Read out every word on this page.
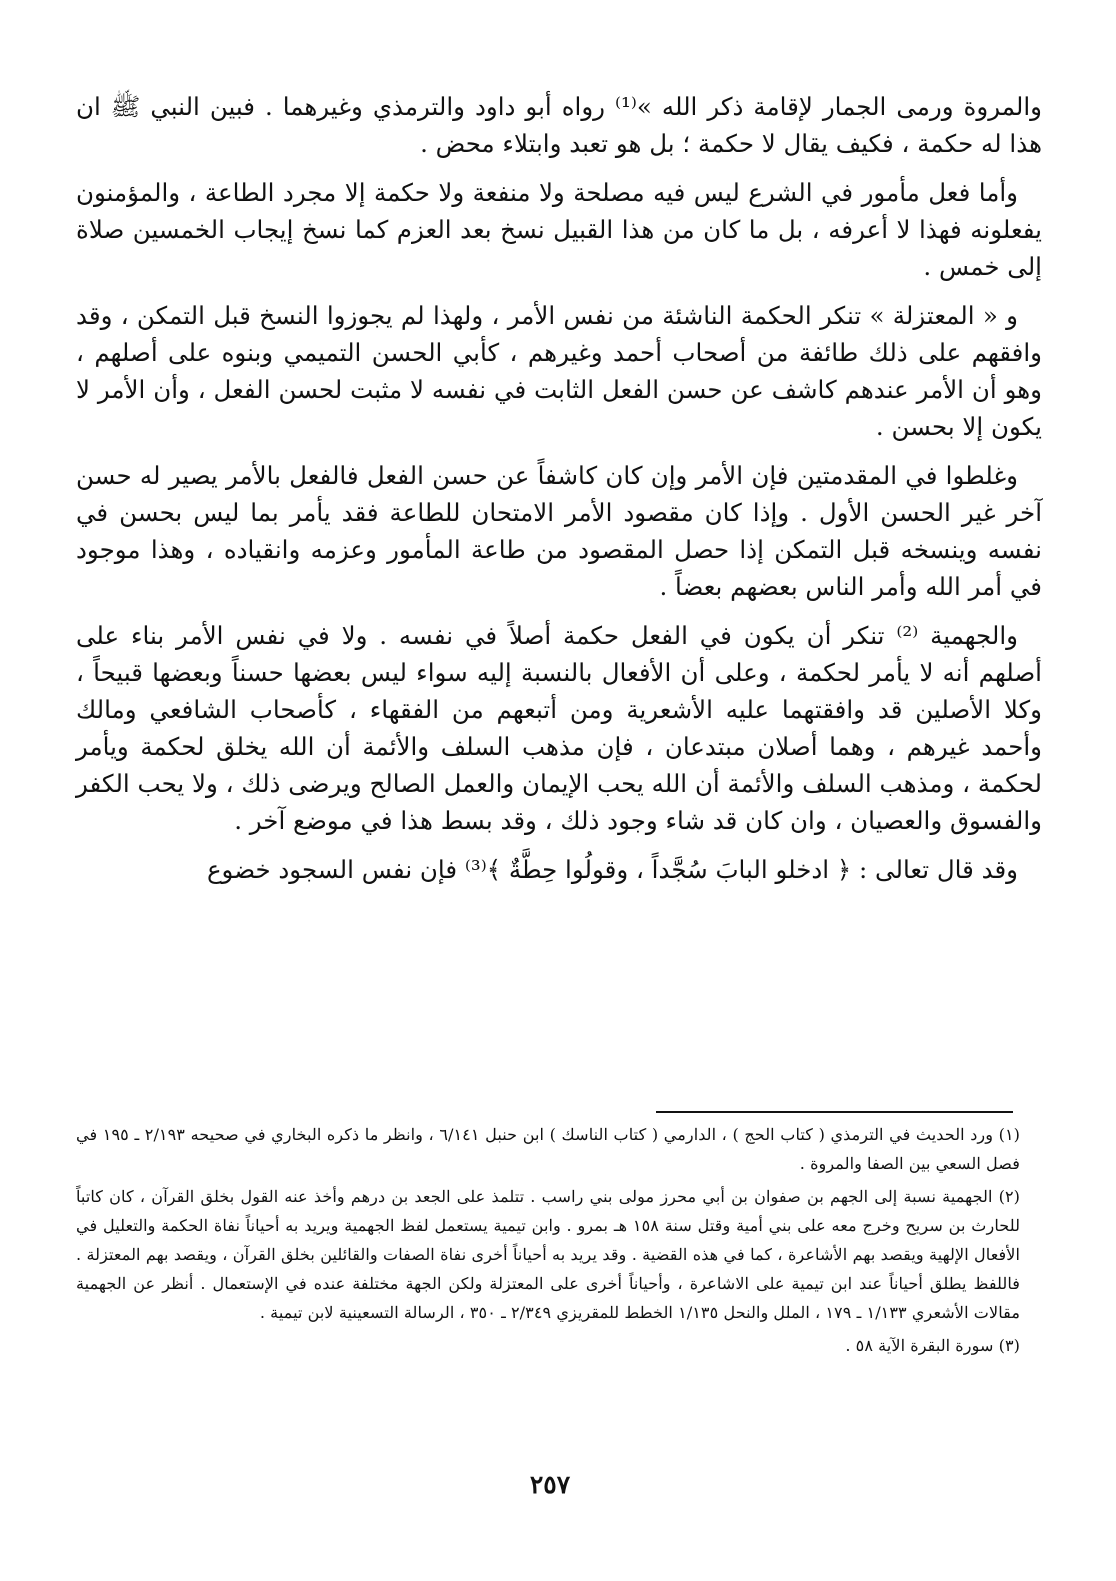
والمروة ورمى الجمار لإقامة ذكر الله »⁽¹⁾ رواه أبو داود والترمذي وغيرهما . فبين النبي ﷺ ان هذا له حكمة ، فكيف يقال لا حكمة ؛ بل هو تعبد وابتلاء محض .

وأما فعل مأمور في الشرع ليس فيه مصلحة ولا منفعة ولا حكمة إلا مجرد الطاعة ، والمؤمنون يفعلونه فهذا لا أعرفه ، بل ما كان من هذا القبيل نسخ بعد العزم كما نسخ إيجاب الخمسين صلاة إلى خمس .

و « المعتزلة » تنكر الحكمة الناشئة من نفس الأمر ، ولهذا لم يجوزوا النسخ قبل التمكن ، وقد وافقهم على ذلك طائفة من أصحاب أحمد وغيرهم ، كأبي الحسن التميمي وبنوه على أصلهم ، وهو أن الأمر عندهم كاشف عن حسن الفعل الثابت في نفسه لا مثبت لحسن الفعل ، وأن الأمر لا يكون إلا بحسن .

وغلطوا في المقدمتين فإن الأمر وإن كان كاشفاً عن حسن الفعل فالفعل بالأمر يصير له حسن آخر غير الحسن الأول . وإذا كان مقصود الأمر الامتحان للطاعة فقد يأمر بما ليس بحسن في نفسه وينسخه قبل التمكن إذا حصل المقصود من طاعة المأمور وعزمه وانقياده ، وهذا موجود في أمر الله وأمر الناس بعضهم بعضاً .

والجهمية ⁽²⁾ تنكر أن يكون في الفعل حكمة أصلاً في نفسه . ولا في نفس الأمر بناء على أصلهم أنه لا يأمر لحكمة ، وعلى أن الأفعال بالنسبة إليه سواء ليس بعضها حسناً وبعضها قبيحاً ، وكلا الأصلين قد وافقتهما عليه الأشعرية ومن أتبعهم من الفقهاء ، كأصحاب الشافعي ومالك وأحمد غيرهم ، وهما أصلان مبتدعان ، فإن مذهب السلف والأئمة أن الله يخلق لحكمة ويأمر لحكمة ، ومذهب السلف والأئمة أن الله يحب الإيمان والعمل الصالح ويرضى ذلك ، ولا يحب الكفر والفسوق والعصيان ، وان كان قد شاء وجود ذلك ، وقد بسط هذا في موضع آخر .

وقد قال تعالى : ﴿ ادخلو البابَ سُجَّداً ، وقولُوا حِطَّةٌ ﴾⁽³⁾ فإن نفس السجود خضوع

(١) ورد الحديث في الترمذي ( كتاب الحج ) ، الدارمي ( كتاب الناسك ) ابن حنبل ٦/١٤١ ، وانظر ما ذكره البخاري في صحيحه ٢/١٩٣ ـ ١٩٥ في فصل السعي بين الصفا والمروة .

(٢) الجهمية نسبة إلى الجهم بن صفوان بن أبي محرز مولى بني راسب . تتلمذ على الجعد بن درهم وأخذ عنه القول بخلق القرآن ، كان كاتباً للحارث بن سريح وخرج معه على بني أمية وقتل سنة ١٥٨ هـ بمرو . وابن تيمية يستعمل لفظ الجهمية ويريد به أحياناً نفاة الحكمة والتعليل في الأفعال الإلهية ويقصد بهم الأشاعرة ، كما في هذه القضية . وقد يريد به أحياناً أخرى نفاة الصفات والقائلين بخلق القرآن ، ويقصد بهم المعتزلة . فاللفظ يطلق أحياناً عند ابن تيمية على الاشاعرة ، وأحياناً أخرى على المعتزلة ولكن الجهة مختلفة عنده في الإستعمال . أنظر عن الجهمية مقالات الأشعري ١/١٣٣ ـ ١٧٩ ، الملل والنحل ١/١٣٥ الخطط للمقريزي ٢/٣٤٩ ـ ٣٥٠ ، الرسالة التسعينية لابن تيمية .

(٣) سورة البقرة الآية ٥٨ .

٢٥٧
